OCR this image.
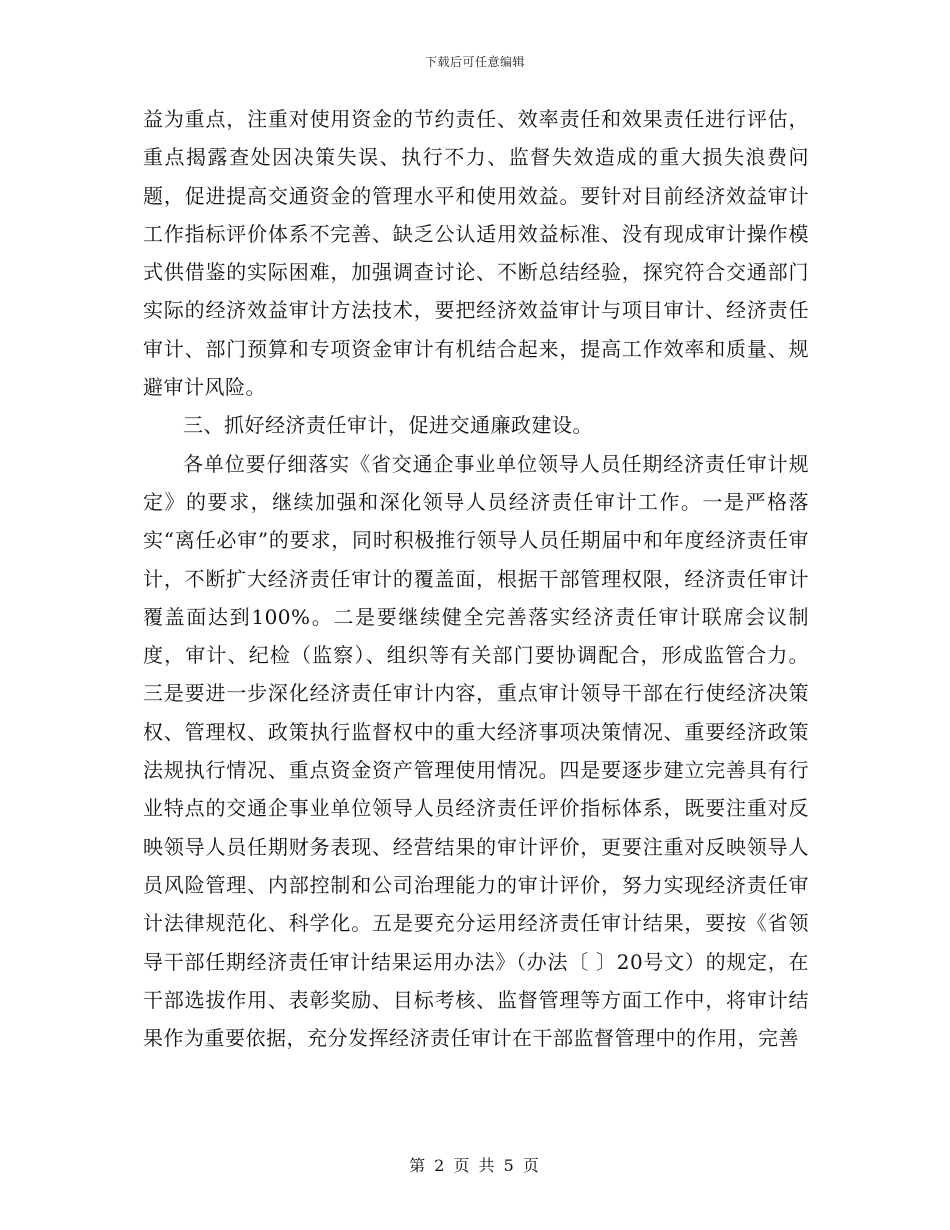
下载后可任意编辑

益为重点，注重对使用资金的节约责任、效率责任和效果责任进行评估，重点揭露查处因决策失误、执行不力、监督失效造成的重大损失浪费问题，促进提高交通资金的管理水平和使用效益。要针对目前经济效益审计工作指标评价体系不完善、缺乏公认适用效益标准、没有现成审计操作模式供借鉴的实际困难，加强调查讨论、不断总结经验，探究符合交通部门实际的经济效益审计方法技术，要把经济效益审计与项目审计、经济责任审计、部门预算和专项资金审计有机结合起来，提高工作效率和质量、规避审计风险。

三、抓好经济责任审计，促进交通廉政建设。

各单位要仔细落实《省交通企事业单位领导人员任期经济责任审计规定》的要求，继续加强和深化领导人员经济责任审计工作。一是严格落实“离任必审”的要求，同时积极推行领导人员任期届中和年度经济责任审计，不断扩大经济责任审计的覆盖面，根据干部管理权限，经济责任审计覆盖面达到100%。二是要继续健全完善落实经济责任审计联席会议制度，审计、纪检（监察）、组织等有关部门要协调配合，形成监管合力。三是要进一步深化经济责任审计内容，重点审计领导干部在行使经济决策权、管理权、政策执行监督权中的重大经济事项决策情况、重要经济政策法规执行情况、重点资金资产管理使用情况。四是要逐步建立完善具有行业特点的交通企事业单位领导人员经济责任评价指标体系，既要注重对反映领导人员任期财务表现、经营结果的审计评价，更要注重对反映领导人员风险管理、内部控制和公司治理能力的审计评价，努力实现经济责任审计法律规范化、科学化。五是要充分运用经济责任审计结果，要按《省领导干部任期经济责任审计结果运用办法》（办法〔 〕20号文）的规定，在干部选拔作用、表彰奖励、目标考核、监督管理等方面工作中，将审计结果作为重要依据，充分发挥经济责任审计在干部监督管理中的作用，完善

第 2 页 共 5 页
